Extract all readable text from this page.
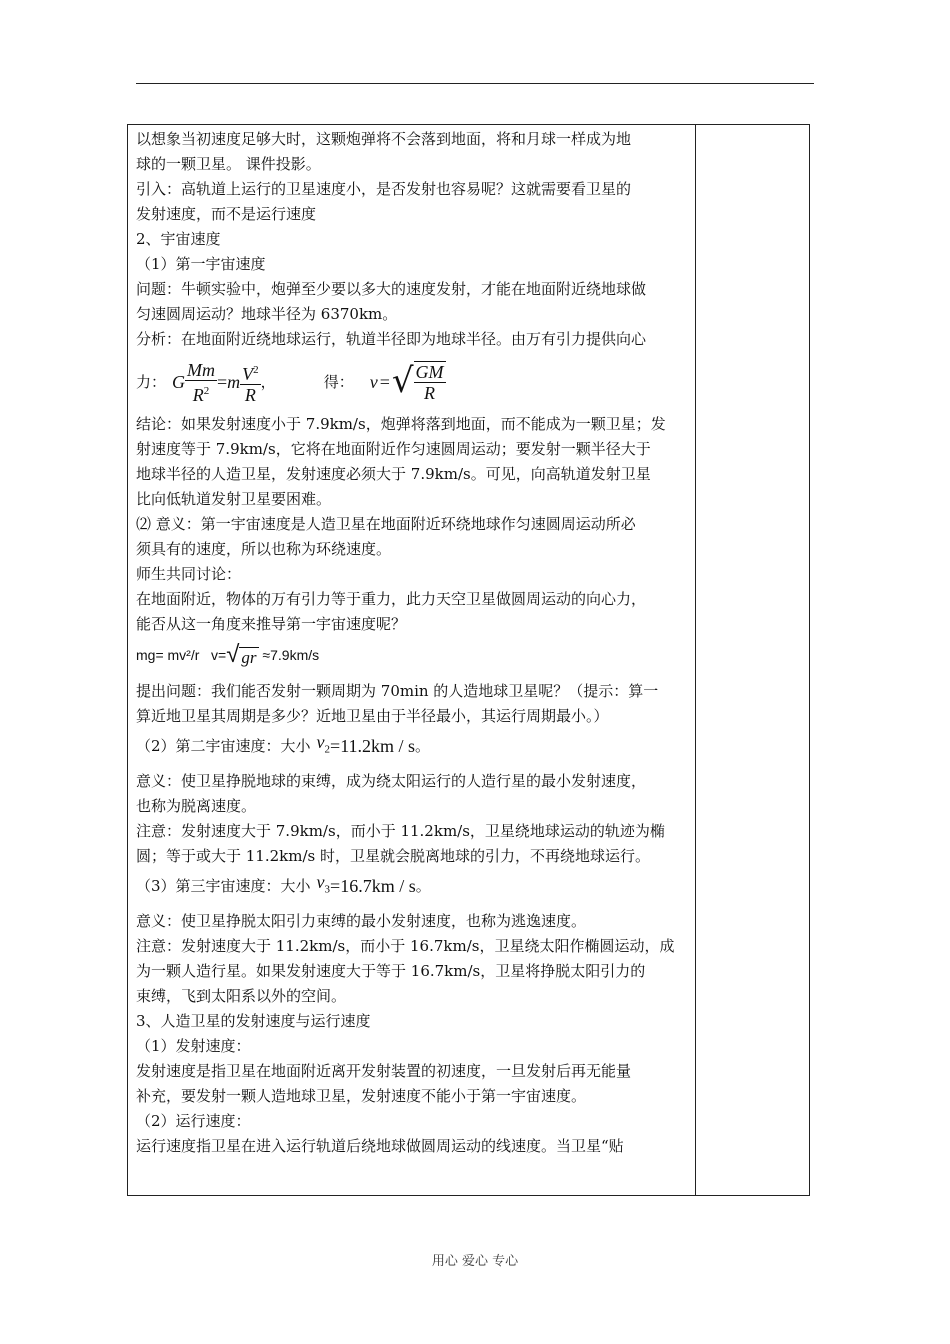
以想象当初速度足够大时，这颗炮弹将不会落到地面，将和月球一样成为地

球的一颗卫星。 课件投影。

引入：高轨道上运行的卫星速度小，是否发射也容易呢？这就需要看卫星的

发射速度，而不是运行速度

2、宇宙速度

（1）第一宇宙速度

问题：牛顿实验中，炮弹至少要以多大的速度发射，才能在地面附近绕地球做

匀速圆周运动？地球半径为 6370km。

分析：在地面附近绕地球运行，轨道半径即为地球半径。由万有引力提供向心

力： G $\frac{Mm}{R^2} = m \frac{V^2}{R}$ ，	得： v = √ $\frac{GM}{R}$

结论：如果发射速度小于 7.9km/s，炮弹将落到地面，而不能成为一颗卫星；发

射速度等于 7.9km/s，它将在地面附近作匀速圆周运动；要发射一颗半径大于

地球半径的人造卫星，发射速度必须大于 7.9km/s。可见，向高轨道发射卫星

比向低轨道发射卫星要困难。

⑵ 意义：第一宇宙速度是人造卫星在地面附近环绕地球作匀速圆周运动所必

须具有的速度，所以也称为环绕速度。

师生共同讨论：

在地面附近，物体的万有引力等于重力，此力天空卫星做圆周运动的向心力，

能否从这一角度来推导第一宇宙速度呢？

mg= mv²/r   v= √ gr ≈7.9km/s

提出问题：我们能否发射一颗周期为 70min 的人造地球卫星呢？（提示：算一

算近地卫星其周期是多少？近地卫星由于半径最小，其运行周期最小。）

（2）第二宇宙速度：大小 $v_2 =11.2km / s$ 。

意义：使卫星挣脱地球的束缚，成为绕太阳运行的人造行星的最小发射速度，

也称为脱离速度。

注意：发射速度大于 7.9km/s，而小于 11.2km/s，卫星绕地球运动的轨迹为椭

圆；等于或大于 11.2km/s 时，卫星就会脱离地球的引力，不再绕地球运行。

（3）第三宇宙速度：大小 $v_3 =16.7km / s$ 。

意义：使卫星挣脱太阳引力束缚的最小发射速度，也称为逃逸速度。

注意：发射速度大于 11.2km/s，而小于 16.7km/s，卫星绕太阳作椭圆运动，成

为一颗人造行星。如果发射速度大于等于 16.7km/s，卫星将挣脱太阳引力的

束缚，飞到太阳系以外的空间。

3、人造卫星的发射速度与运行速度

（1）发射速度：

发射速度是指卫星在地面附近离开发射装置的初速度，一旦发射后再无能量

补充，要发射一颗人造地球卫星，发射速度不能小于第一宇宙速度。

（2）运行速度：

运行速度指卫星在进入运行轨道后绕地球做圆周运动的线速度。当卫星“贴

用心 爱心 专心
